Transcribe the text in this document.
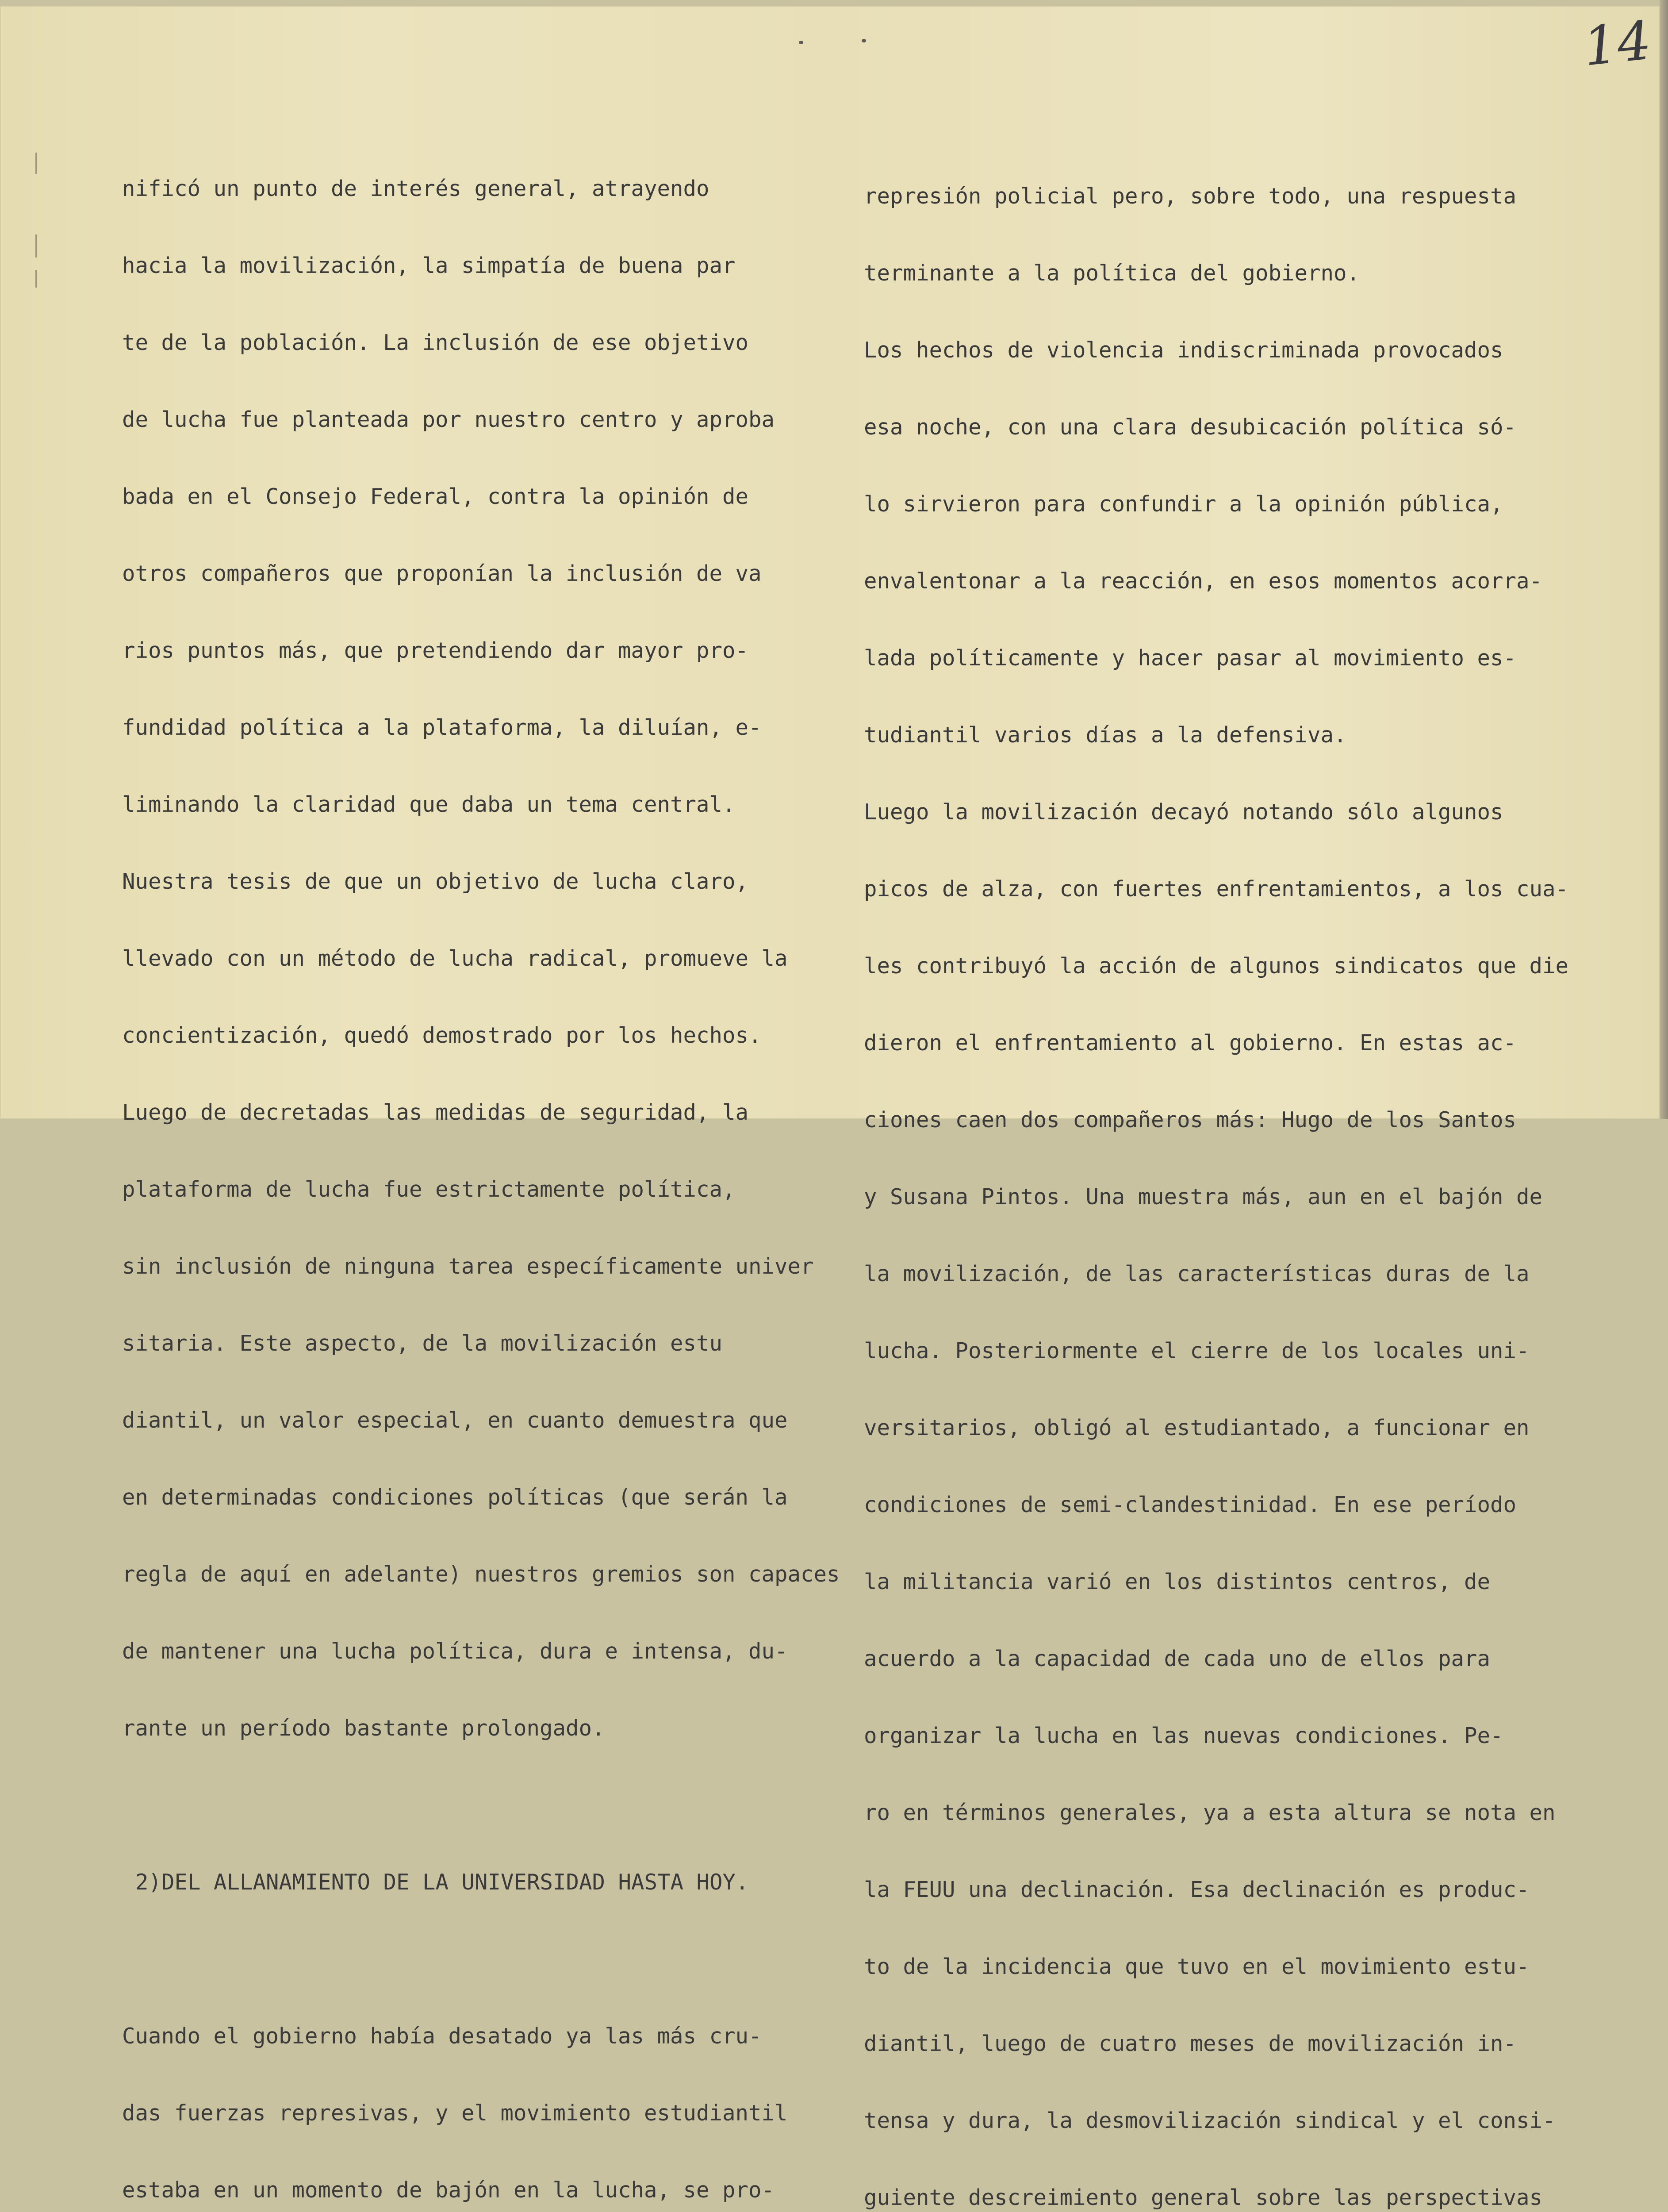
14

nificó un punto de interés general, atrayendo

hacia la movilización, la simpatía de buena par

te de la población. La inclusión de ese objetivo

de lucha fue planteada por nuestro centro y aproba

bada en el Consejo Federal, contra la opinión de

otros compañeros que proponían la inclusión de va

rios puntos más, que pretendiendo dar mayor pro-

fundidad política a la plataforma, la diluían, e-

liminando la claridad que daba un tema central.

Nuestra tesis de que un objetivo de lucha claro,

llevado con un método de lucha radical, promueve la

concientización, quedó demostrado por los hechos.

Luego de decretadas las medidas de seguridad, la

plataforma de lucha fue estrictamente política,

sin inclusión de ninguna tarea específicamente univer

sitaria. Este aspecto, de la movilización estu

diantil, un valor especial, en cuanto demuestra que

en determinadas condiciones políticas (que serán la

regla de aquí en adelante) nuestros gremios son capaces

de mantener una lucha política, dura e intensa, du-

rante un período bastante prolongado.

2)DEL ALLANAMIENTO DE LA UNIVERSIDAD HASTA HOY.

Cuando el gobierno había desatado ya las más cru-

das fuerzas represivas, y el movimiento estudiantil

estaba en un momento de bajón en la lucha, se pro-

represión policial pero, sobre todo, una respuesta

terminante a la política del gobierno.

Los hechos de violencia indiscriminada provocados

esa noche, con una clara desubicación política só-

lo sirvieron para confundir a la opinión pública,

envalentonar a la reacción, en esos momentos acorra-

lada políticamente y hacer pasar al movimiento es-

tudiantil varios días a la defensiva.

Luego la movilización decayó notando sólo algunos

picos de alza, con fuertes enfrentamientos, a los cua-

les contribuyó la acción de algunos sindicatos que die

dieron el enfrentamiento al gobierno. En estas ac-

ciones caen dos compañeros más: Hugo de los Santos

y Susana Pintos. Una muestra más, aun en el bajón de

la movilización, de las características duras de la

lucha. Posteriormente el cierre de los locales uni-

versitarios, obligó al estudiantado, a funcionar en

condiciones de semi-clandestinidad. En ese período

la militancia varió en los distintos centros, de

acuerdo a la capacidad de cada uno de ellos para

organizar la lucha en las nuevas condiciones. Pe-

ro en términos generales, ya a esta altura se nota en

la FEUU una declinación. Esa declinación es produc-

to de la incidencia que tuvo en el movimiento estu-

diantil, luego de cuatro meses de movilización in-

tensa y dura, la desmovilización sindical y el consi-

guiente descreimiento general sobre las perspectivas
